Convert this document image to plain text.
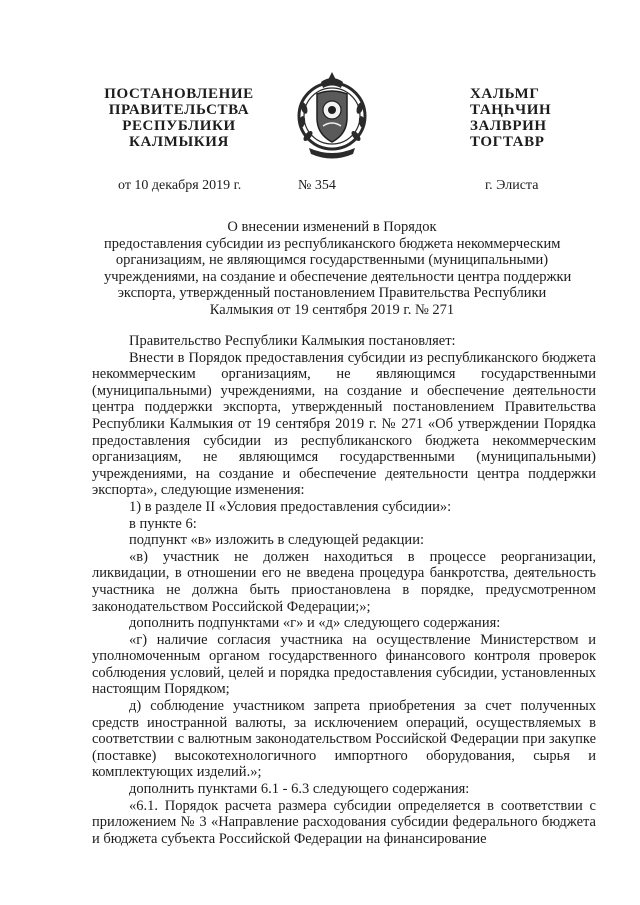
ПОСТАНОВЛЕНИЕ
ПРАВИТЕЛЬСТВА
РЕСПУБЛИКИ
КАЛМЫКИЯ
ХАЛЬМГ
ТАҢҺЧИН
ЗАЛВРИН
ТОГТАВР
от 10 декабря 2019 г.	№ 354	г. Элиста
О внесении изменений в Порядок
предоставления субсидии из республиканского бюджета некоммерческим
организациям, не являющимся государственными (муниципальными)
учреждениями, на создание и обеспечение деятельности центра поддержки
экспорта, утвержденный постановлением Правительства Республики
Калмыкия от 19 сентября 2019 г. № 271

Правительство Республики Калмыкия постановляет:

Внести в Порядок предоставления субсидии из республиканского бюджета некоммерческим организациям, не являющимся государственными (муниципальными) учреждениями, на создание и обеспечение деятельности центра поддержки экспорта, утвержденный постановлением Правительства Республики Калмыкия от 19 сентября 2019 г. № 271 «Об утверждении Порядка предоставления субсидии из республиканского бюджета некоммерческим организациям, не являющимся государственными (муниципальными) учреждениями, на создание и обеспечение деятельности центра поддержки экспорта», следующие изменения:

1) в разделе II «Условия предоставления субсидии»:

в пункте 6:

подпункт «в» изложить в следующей редакции:

«в) участник не должен находиться в процессе реорганизации, ликвидации, в отношении его не введена процедура банкротства, деятельность участника не должна быть приостановлена в порядке, предусмотренном законодательством Российской Федерации;»;

дополнить подпунктами «г» и «д» следующего содержания:

«г) наличие согласия участника на осуществление Министерством и уполномоченным органом государственного финансового контроля проверок соблюдения условий, целей и порядка предоставления субсидии, установленных настоящим Порядком;

д) соблюдение участником запрета приобретения за счет полученных средств иностранной валюты, за исключением операций, осуществляемых в соответствии с валютным законодательством Российской Федерации при закупке (поставке) высокотехнологичного импортного оборудования, сырья и комплектующих изделий.»;

дополнить пунктами 6.1 - 6.3 следующего содержания:

«6.1. Порядок расчета размера субсидии определяется в соответствии с приложением № 3 «Направление расходования субсидии федерального бюджета и бюджета субъекта Российской Федерации на финансирование
